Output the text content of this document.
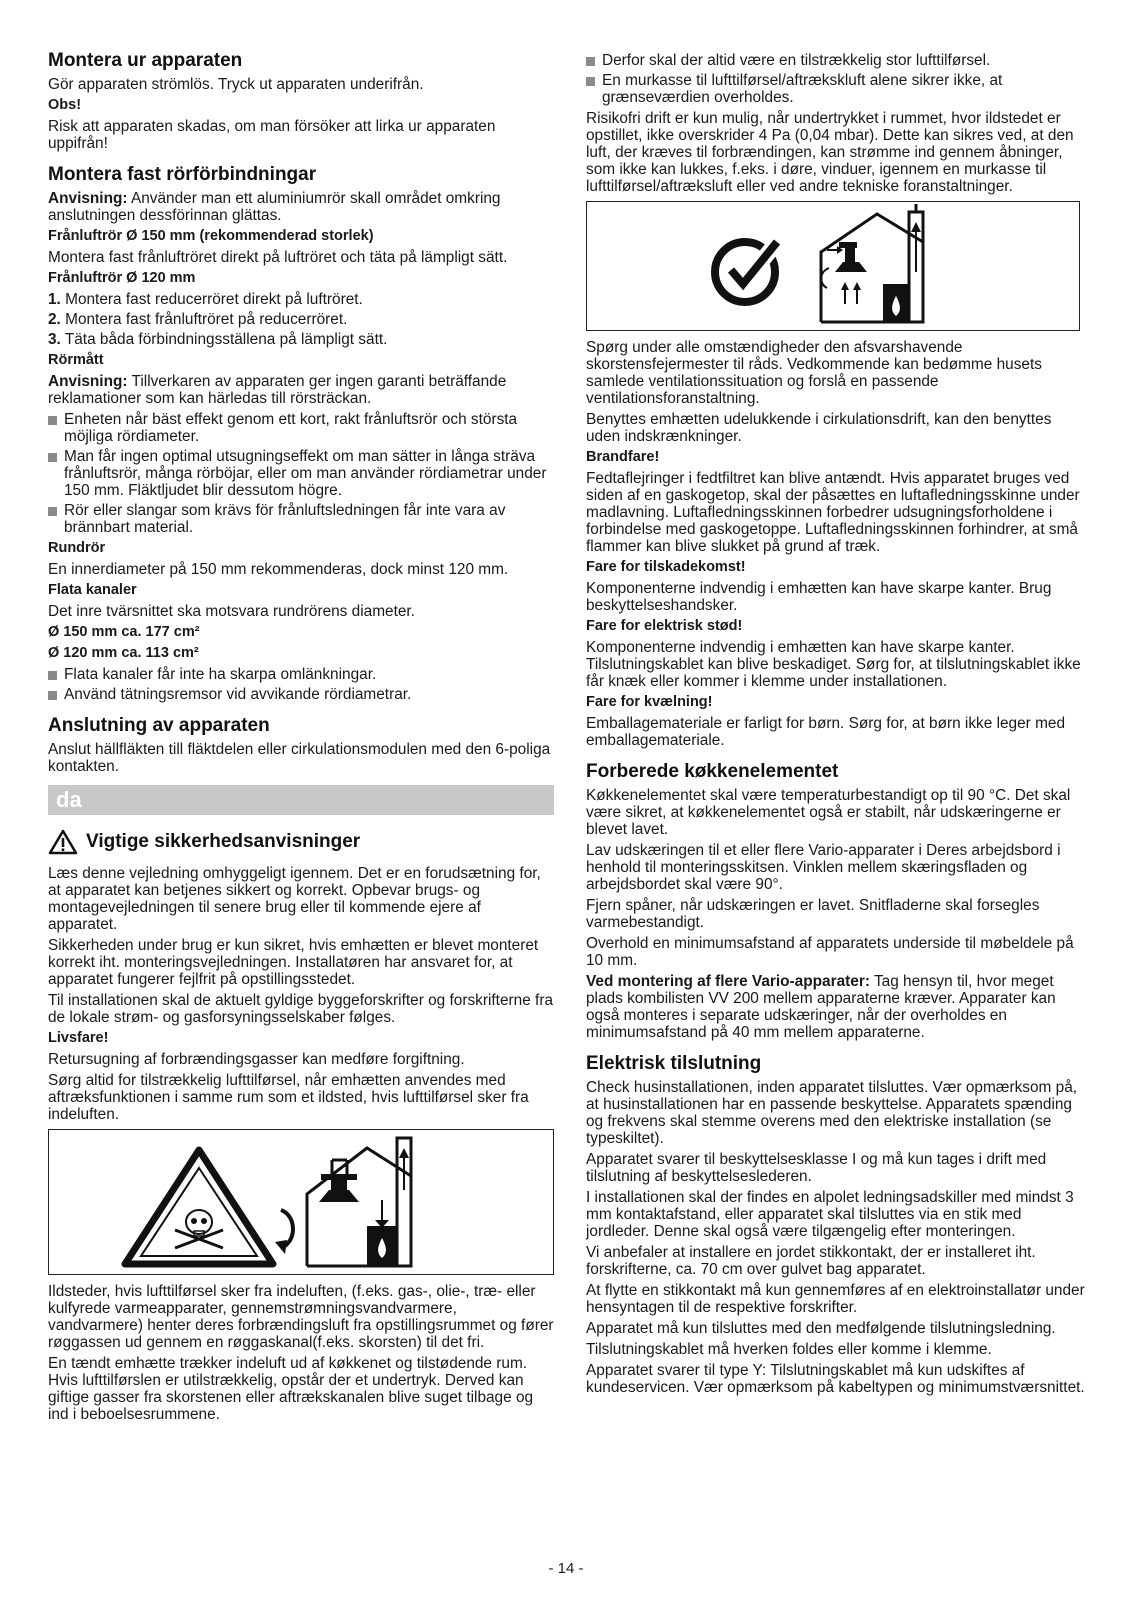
Montera ur apparaten

Gör apparaten strömlös. Tryck ut apparaten underifrån.

Obs!

Risk att apparaten skadas, om man försöker att lirka ur apparaten uppifrån!

Montera fast rörförbindningar

Anvisning: Använder man ett aluminiumrör skall området omkring anslutningen dessförinnan glättas.

Frånluftrör Ø 150 mm (rekommenderad storlek)

Montera fast frånluftröret direkt på luftröret och täta på lämpligt sätt.

Frånluftrör Ø 120 mm
1. Montera fast reducerröret direkt på luftröret.
2. Montera fast frånluftröret på reducerröret.
3. Täta båda förbindningsställena på lämpligt sätt.
Rörmått

Anvisning: Tillverkaren av apparaten ger ingen garanti beträffande reklamationer som kan härledas till rörsträckan.

Enheten når bäst effekt genom ett kort, rakt frånluftsrör och största möjliga rördiameter.
Man får ingen optimal utsugningseffekt om man sätter in långa sträva frånluftsrör, många rörböjar, eller om man använder rördiametrar under 150 mm. Fläktljudet blir dessutom högre.
Rör eller slangar som krävs för frånluftsledningen får inte vara av brännbart material.
Rundrör

En innerdiameter på 150 mm rekommenderas, dock minst 120 mm.

Flata kanaler

Det inre tvärsnittet ska motsvara rundrörens diameter.

Ø 150 mm ca. 177 cm²
Ø 120 mm ca. 113 cm²
Flata kanaler får inte ha skarpa omlänkningar.
Använd tätningsremsor vid avvikande rördiametrar.
Anslutning av apparaten

Anslut hällfläkten till fläktdelen eller cirkulationsmodulen med den 6-poliga kontakten.

da
Vigtige sikkerhedsanvisninger

Læs denne vejledning omhyggeligt igennem. Det er en forudsætning for, at apparatet kan betjenes sikkert og korrekt. Opbevar brugs- og montagevejledningen til senere brug eller til kommende ejere af apparatet.

Sikkerheden under brug er kun sikret, hvis emhætten er blevet monteret korrekt iht. monteringsvejledningen. Installatøren har ansvaret for, at apparatet fungerer fejlfrit på opstillingsstedet.

Til installationen skal de aktuelt gyldige byggeforskrifter og forskrifterne fra de lokale strøm- og gasforsyningsselskaber følges.

Livsfare!

Retursugning af forbrændingsgasser kan medføre forgiftning.

Sørg altid for tilstrækkelig lufttilførsel, når emhætten anvendes med aftræksfunktionen i samme rum som et ildsted, hvis lufttilførsel sker fra indeluften.

Ildsteder, hvis lufttilførsel sker fra indeluften, (f.eks. gas-, olie-, træ- eller kulfyrede varmeapparater, gennemstrømningsvandvarmere, vandvarmere) henter deres forbrændingsluft fra opstillingsrummet og fører røggassen ud gennem en røggaskanal(f.eks. skorsten) til det fri.

En tændt emhætte trækker indeluft ud af køkkenet og tilstødende rum. Hvis lufttilførslen er utilstrækkelig, opstår der et undertryk. Derved kan giftige gasser fra skorstenen eller aftrækskanalen blive suget tilbage og ind i beboelsesrummene.

Derfor skal der altid være en tilstrækkelig stor lufttilførsel.
En murkasse til lufttilførsel/aftrækskluft alene sikrer ikke, at grænseværdien overholdes.

Risikofri drift er kun mulig, når undertrykket i rummet, hvor ildstedet er opstillet, ikke overskrider 4 Pa (0,04 mbar). Dette kan sikres ved, at den luft, der kræves til forbrændingen, kan strømme ind gennem åbninger, som ikke kan lukkes, f.eks. i døre, vinduer, igennem en murkasse til lufttilførsel/aftræksluft eller ved andre tekniske foranstaltninger.

Spørg under alle omstændigheder den afsvarshavende skorstensfejermester til råds. Vedkommende kan bedømme husets samlede ventilationssituation og forslå en passende ventilationsforanstaltning.

Benyttes emhætten udelukkende i cirkulationsdrift, kan den benyttes uden indskrænkninger.

Brandfare!

Fedtaflejringer i fedtfiltret kan blive antændt. Hvis apparatet bruges ved siden af en gaskogetop, skal der påsættes en luftafledningsskinne under madlavning. Luftafledningsskinnen forbedrer udsugningsforholdene i forbindelse med gaskogetoppe. Luftafledningsskinnen forhindrer, at små flammer kan blive slukket på grund af træk.

Fare for tilskadekomst!

Komponenterne indvendig i emhætten kan have skarpe kanter. Brug beskyttelseshandsker.

Fare for elektrisk stød!

Komponenterne indvendig i emhætten kan have skarpe kanter. Tilslutningskablet kan blive beskadiget. Sørg for, at tilslutningskablet ikke får knæk eller kommer i klemme under installationen.

Fare for kvælning!

Emballagemateriale er farligt for børn. Sørg for, at børn ikke leger med emballagemateriale.

Forberede køkkenelementet

Køkkenelementet skal være temperaturbestandigt op til 90 °C. Det skal være sikret, at køkkenelementet også er stabilt, når udskæringerne er blevet lavet.

Lav udskæringen til et eller flere Vario-apparater i Deres arbejdsbord i henhold til monteringsskitsen. Vinklen mellem skæringsfladen og arbejdsbordet skal være 90°.

Fjern spåner, når udskæringen er lavet. Snitfladerne skal forsegles varmebestandigt.

Overhold en minimumsafstand af apparatets underside til møbeldele på 10 mm.

Ved montering af flere Vario-apparater: Tag hensyn til, hvor meget plads kombilisten VV 200 mellem apparaterne kræver. Apparater kan også monteres i separate udskæringer, når der overholdes en minimumsafstand på 40 mm mellem apparaterne.

Elektrisk tilslutning

Check husinstallationen, inden apparatet tilsluttes. Vær opmærksom på, at husinstallationen har en passende beskyttelse. Apparatets spænding og frekvens skal stemme overens med den elektriske installation (se typeskiltet).

Apparatet svarer til beskyttelsesklasse I og må kun tages i drift med tilslutning af beskyttelseslederen.

I installationen skal der findes en alpolet ledningsadskiller med mindst 3 mm kontaktafstand, eller apparatet skal tilsluttes via en stik med jordleder. Denne skal også være tilgængelig efter monteringen.

Vi anbefaler at installere en jordet stikkontakt, der er installeret iht. forskrifterne, ca. 70 cm over gulvet bag apparatet.

At flytte en stikkontakt må kun gennemføres af en elektroinstallatør under hensyntagen til de respektive forskrifter.

Apparatet må kun tilsluttes med den medfølgende tilslutningsledning.

Tilslutningskablet må hverken foldes eller komme i klemme.

Apparatet svarer til type Y: Tilslutningskablet må kun udskiftes af kundeservicen. Vær opmærksom på kabeltypen og minimumstværsnittet.

- 14 -
